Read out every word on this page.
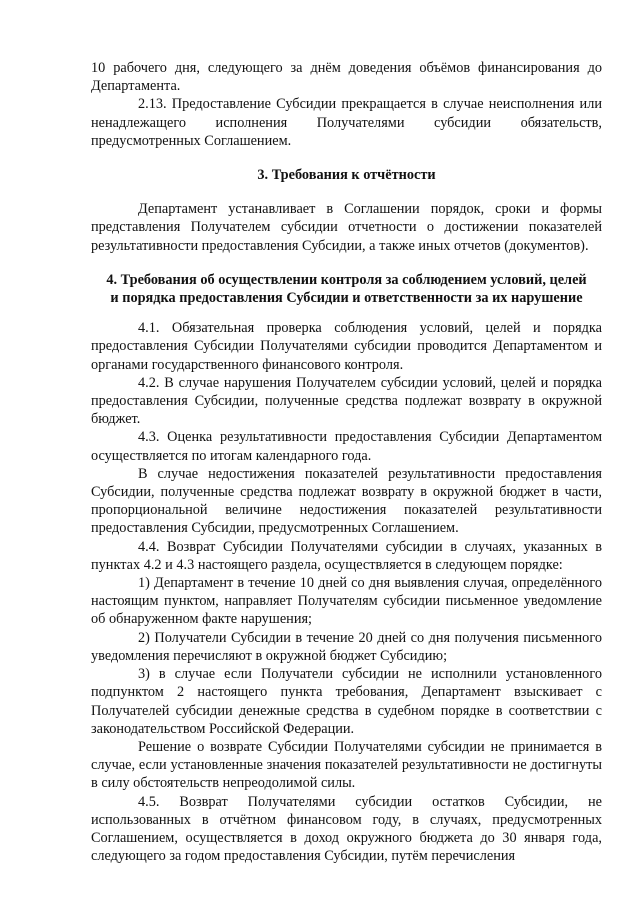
10 рабочего дня, следующего за днём доведения объёмов финансирования до Департамента.

2.13. Предоставление Субсидии прекращается в случае неисполнения или ненадлежащего исполнения Получателями субсидии обязательств, предусмотренных Соглашением.

3. Требования к отчётности

Департамент устанавливает в Соглашении порядок, сроки и формы представления Получателем субсидии отчетности о достижении показателей результативности предоставления Субсидии, а также иных отчетов (документов).

4. Требования об осуществлении контроля за соблюдением условий, целей
и порядка предоставления Субсидии и ответственности за их нарушение

4.1. Обязательная проверка соблюдения условий, целей и порядка предоставления Субсидии Получателями субсидии проводится Департаментом и органами государственного финансового контроля.

4.2. В случае нарушения Получателем субсидии условий, целей и порядка предоставления Субсидии, полученные средства подлежат возврату в окружной бюджет.

4.3. Оценка результативности предоставления Субсидии Департаментом осуществляется по итогам календарного года.

В случае недостижения показателей результативности предоставления Субсидии, полученные средства подлежат возврату в окружной бюджет в части, пропорциональной величине недостижения показателей результативности предоставления Субсидии, предусмотренных Соглашением.

4.4. Возврат Субсидии Получателями субсидии в случаях, указанных в пунктах 4.2 и 4.3 настоящего раздела, осуществляется в следующем порядке:

1) Департамент в течение 10 дней со дня выявления случая, определённого настоящим пунктом, направляет Получателям субсидии письменное уведомление об обнаруженном факте нарушения;

2) Получатели Субсидии в течение 20 дней со дня получения письменного уведомления перечисляют в окружной бюджет Субсидию;

3) в случае если Получатели субсидии не исполнили установленного подпунктом 2 настоящего пункта требования, Департамент взыскивает с Получателей субсидии денежные средства в судебном порядке в соответствии с законодательством Российской Федерации.

Решение о возврате Субсидии Получателями субсидии не принимается в случае, если установленные значения показателей результативности не достигнуты в силу обстоятельств непреодолимой силы.

4.5. Возврат Получателями субсидии остатков Субсидии, не использованных в отчётном финансовом году, в случаях, предусмотренных Соглашением, осуществляется в доход окружного бюджета до 30 января года, следующего за годом предоставления Субсидии, путём перечисления
